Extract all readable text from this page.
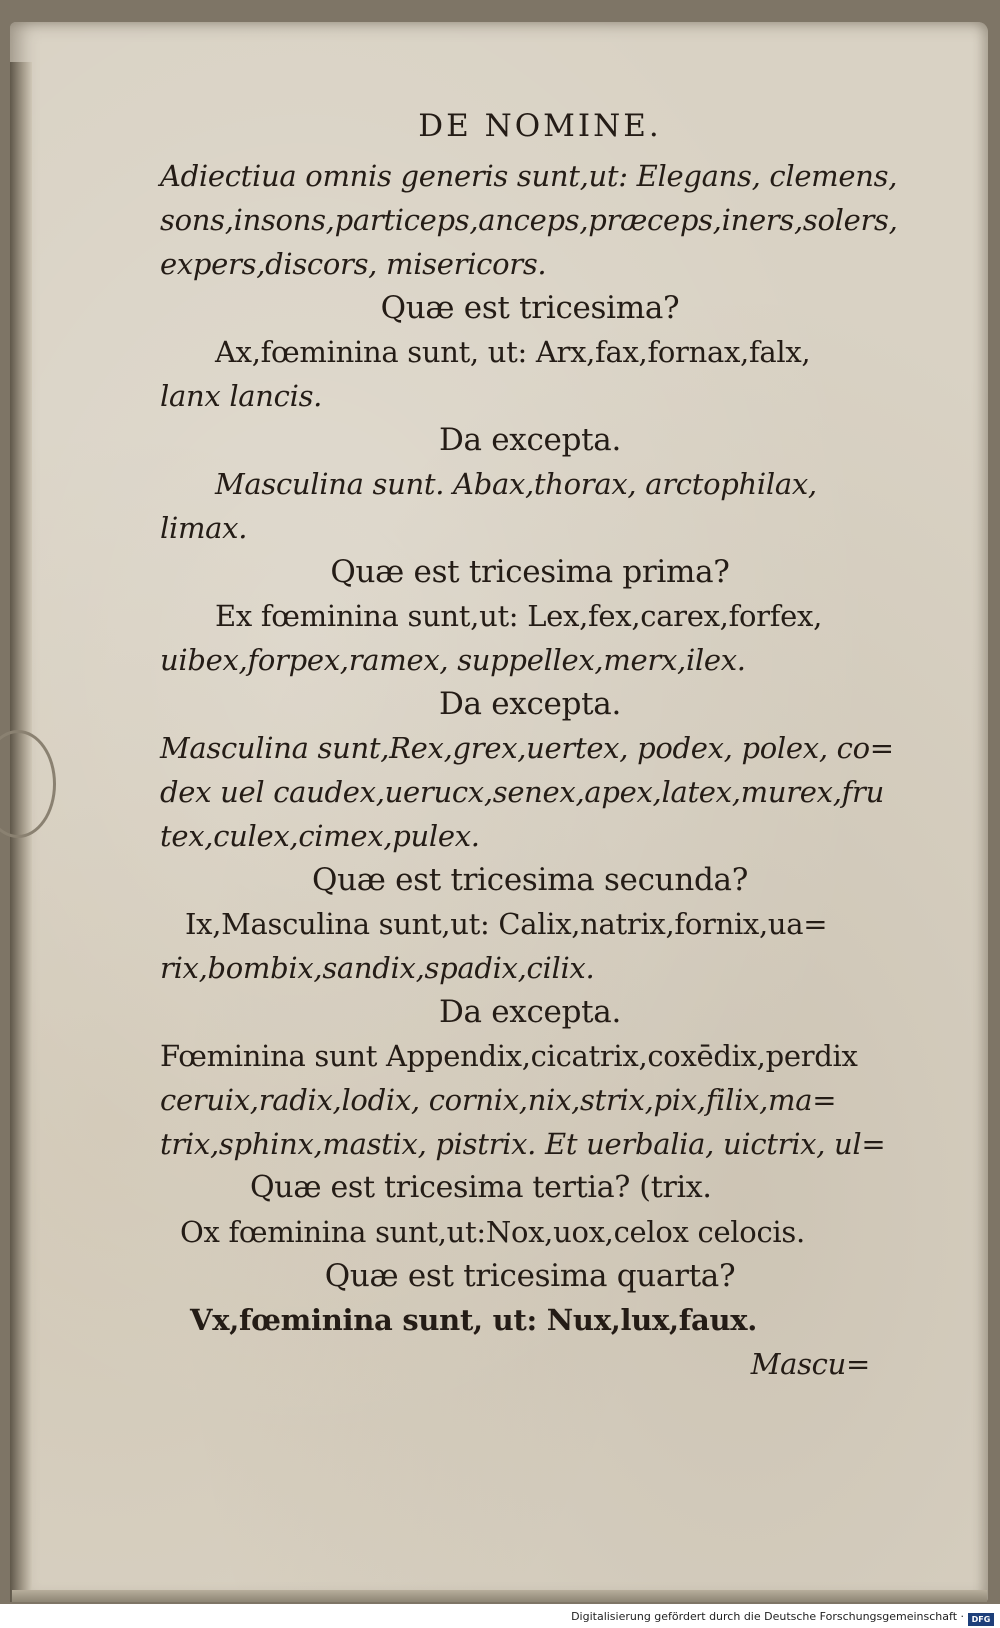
DE NOMINE.
Adiectiua omnis generis sunt,ut: Elegans, clemens,
sons,insons,particeps,anceps,præceps,iners,solers,
expers,discors, misericors.
Quæ est tricesima?
Ax,fœminina sunt, ut: Arx,fax,fornax,falx,
lanx lancis.
Da excepta.
Masculina sunt. Abax,thorax, arctophilax,
limax.
Quæ est tricesima prima?
Ex fœminina sunt,ut: Lex,fex,carex,forfex,
uibex,forpex,ramex, suppellex,merx,ilex.
Da excepta.
Masculina sunt,Rex,grex,uertex, podex, polex, co=
dex uel caudex,uerucx,senex,apex,latex,murex,fru
tex,culex,cimex,pulex.
Quæ est tricesima secunda?
Ix,Masculina sunt,ut: Calix,natrix,fornix,ua=
rix,bombix,sandix,spadix,cilix.
Da excepta.
Fœminina sunt Appendix,cicatrix,coxēdix,perdix
ceruix,radix,lodix, cornix,nix,strix,pix,filix,ma=
trix,sphinx,mastix, pistrix. Et uerbalia, uictrix, ul=
Quæ est tricesima tertia? (trix.
Ox fœminina sunt,ut:Nox,uox,celox celocis.
Quæ est tricesima quarta?
Vx,fœminina sunt, ut: Nux,lux,faux.
Mascu=
Digitalisierung gefördert durch die Deutsche Forschungsgemeinschaft · DFG
